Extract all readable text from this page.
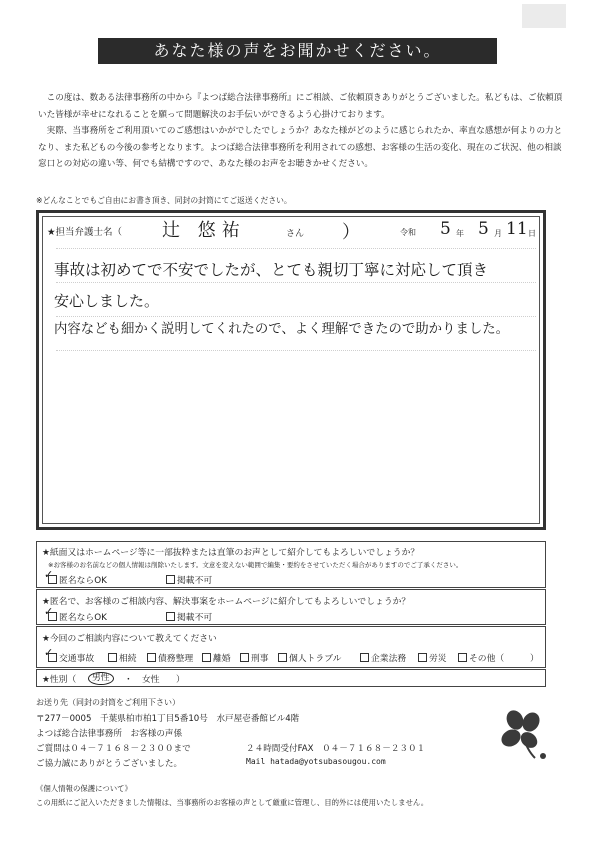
あなた様の声をお聞かせください。

この度は、数ある法律事務所の中から『よつば総合法律事務所』にご相談、ご依頼頂きありがとうございました。私どもは、ご依頼頂いた皆様が幸せになれることを願って問題解決のお手伝いができるよう心掛けております。

実際、当事務所をご利用頂いてのご感想はいかがでしたでしょうか？あなた様がどのように感じられたか、率直な感想が何よりの力となり、また私どもの今後の参考となります。よつば総合法律事務所を利用されての感想、お客様の生活の変化、現在のご状況、他の相談窓口との対応の違い等、何でも結構ですので、あなた様のお声をお聴きかせください。

※どんなことでもご自由にお書き頂き、同封の封筒にてご返送ください。
★担当弁護士名（ 辻 悠祐	さん ）	令和 5 年 5 月 11 日
事故は初めてで不安でしたが、とても親切丁寧に対応して頂き
安心しました。
内容なども細かく説明してくれたので、よく理解できたので助かりました。
★紙面又はホームページ等に一部抜粋または直筆のお声として紹介してもよろしいでしょうか？
※お客様のお名前などの個人情報は削除いたします。文意を変えない範囲で編集・要約をさせていただく場合がありますのでご了承ください。
匿名ならOK
✓	掲載不可
★匿名で、お客様のご相談内容、解決事案をホームページに紹介してもよろしいでしょうか？
匿名ならOK
✓	掲載不可
★今回のご相談内容について教えてください
交通事故
✓	相続	債務整理	離婚	刑事	個人トラブル	企業法務	労災	その他（	）
★性別（	男性	・ 女性 ）
お送り先（同封の封筒をご利用下さい）
〒277－0005　千葉県柏市柏1丁目5番10号　水戸屋壱番館ビル4階
よつば総合法律事務所　お客様の声係
ご質問は０４－７１６８－２３００まで	２４時間受付FAX　０４－７１６８－２３０１
ご協力誠にありがとうございました。	Mail hatada@yotsubasougou.com
《個人情報の保護について》
この用紙にご記入いただきました情報は、当事務所のお客様の声として厳重に管理し、目的外には使用いたしません。
